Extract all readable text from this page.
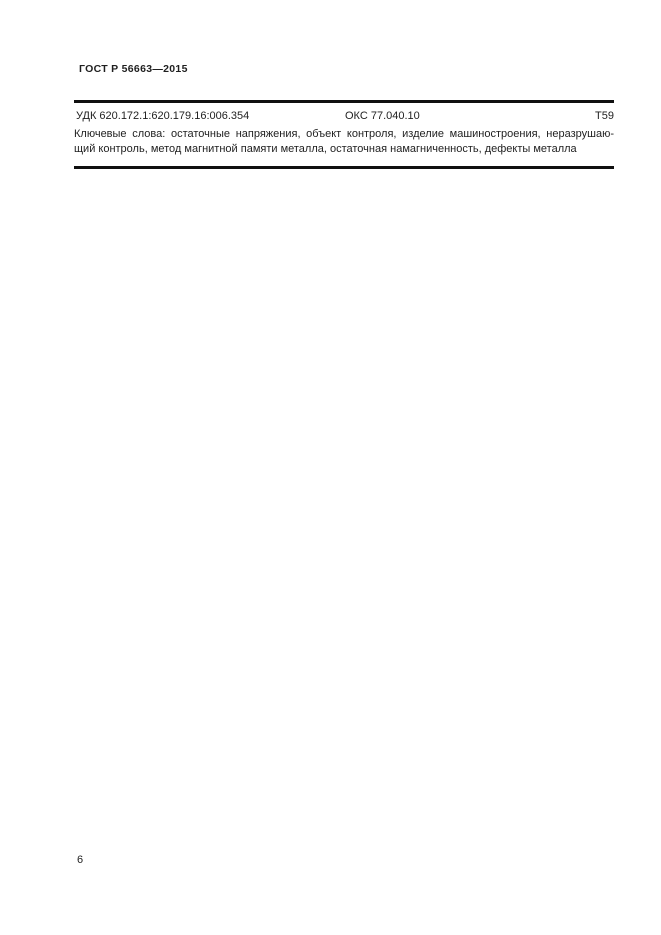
ГОСТ Р 56663—2015
УДК 620.172.1:620.179.16:006.354	ОКС 77.040.10	Т59
Ключевые слова: остаточные напряжения, объект контроля, изделие машиностроения, неразрушаю-
щий контроль, метод магнитной памяти металла, остаточная намагниченность, дефекты металла
6
